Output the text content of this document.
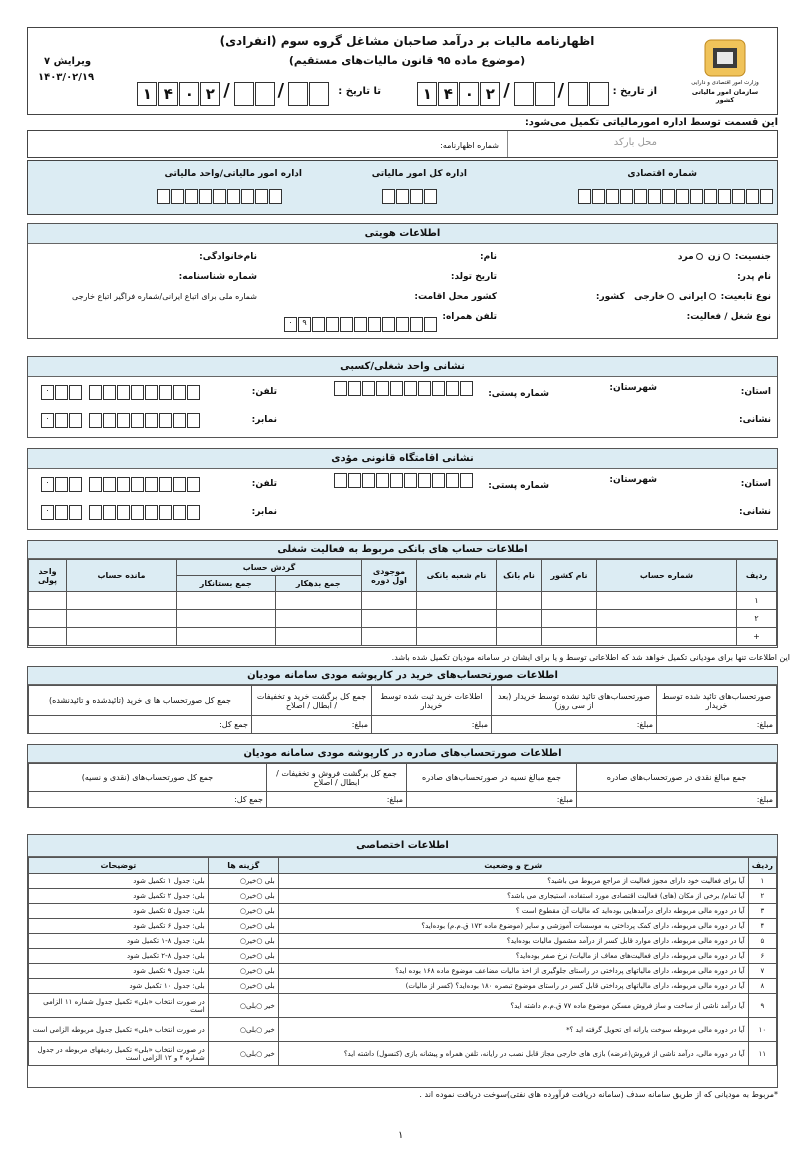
وزارت امور اقتصادی و دارایی
سازمان امور مالیاتی کشور
اظهارنامه مالیات بر درآمد صاحبان مشاغل گروه سوم (انفرادی)
(موضوع ماده ۹۵ قانون مالیات‌های مستقیم)
ویرایش ۷
۱۴۰۳/۰۲/۱۹
از تاریخ :
۱ ۴ ۰ ۲ /	/
تا تاریخ :
۱ ۴ ۰ ۲ /	/
این قسمت توسط اداره امورمالیاتی تکمیل می‌شود:
شماره اظهارنامه:	محل بارکد
شماره اقتصادی
اداره کل امور مالیاتی
اداره امور مالیاتی/واحد مالیاتی
اطلاعات هویتی
جنسیت: زن مرد
نام:
نام‌خانوادگی:
نام پدر:
تاریخ تولد:
شماره شناسنامه:
نوع تابعیت: ایرانی خارجی   کشور:
کشور محل اقامت:
شماره ملی برای اتباع ایرانی/شماره فراگیر اتباع خارجی
نوع شغل / فعالیت:
تلفن همراه:
۰ ۹
نشانی واحد شغلی/کسبی
استان:
شهرستان:
شماره پستی:
تلفن:
۰
نشانی:
نمابر:
۰
نشانی اقامتگاه قانونی مؤدی
استان:
شهرستان:
شماره پستی:
تلفن:
۰
نشانی:
نمابر:
۰
اطلاعات حساب های بانکی مربوط به فعالیت شغلی
ردیف	شماره حساب	نام کشور	نام بانک	نام شعبه بانکی	موجودی اول دوره	گردش حساب		مانده حساب	واحد پولی
						جمع بدهکار	جمع بستانکار		
۱									
۲									
+									
این اطلاعات تنها برای مودیانی تکمیل خواهد شد که اطلاعاتی توسط و یا برای ایشان در سامانه مودیان تکمیل شده باشد.
اطلاعات صورتحساب‌های خرید در کارپوشه مودی سامانه مودیان
صورتحساب‌های تائید شده توسط خریدار	صورتحساب‌های تائید نشده توسط خریدار (بعد از سی روز)	اطلاعات خرید ثبت شده توسط خریدار	جمع کل برگشت خرید و تخفیفات / ابطال / اصلاح	جمع کل صورتحساب ها ی خرید (تائیدشده و تائیدنشده)
مبلغ:	مبلغ:	مبلغ:	مبلغ:	جمع کل:
اطلاعات صورتحساب‌های صادره در کارپوشه مودی سامانه مودیان
جمع مبالغ نقدی در صورتحساب‌های صادره	جمع مبالغ نسیه در صورتحساب‌های صادره	جمع کل برگشت فروش و تخفیفات / ابطال / اصلاح	جمع کل صورتحساب‌های (نقدی و نسیه)
مبلغ:	مبلغ:	مبلغ:	جمع کل:
اطلاعات اختصاصی
ردیف	شرح و وضعیت	گزینه ها	توضیحات
۱	آیا برای فعالیت خود دارای مجوز فعالیت از مراجع مربوط می باشید؟	بلی ○خیر○	بلی: جدول ۱ تکمیل شود
۲	آیا تمام/ برخی از مکان (های) فعالیت اقتصادی مورد استفاده، استیجاری می باشد؟	بلی ○خیر○	بلی: جدول ۲ تکمیل شود
۳	آیا در دوره مالی مربوطه دارای درآمدهایی بوده‌اید که مالیات آن مقطوع است ؟	بلی ○خیر○	بلی: جدول ۵ تکمیل شود
۴	آیا در دوره مالی مربوطه، دارای کمک پرداختی به موسسات آموزشی و سایر (موضوع ماده ۱۷۲ ق.م.م) بوده‌اید؟	بلی ○خیر○	بلی: جدول ۶ تکمیل شود
۵	آیا در دوره مالی مربوطه، دارای موارد قابل کسر از درآمد مشمول مالیات بوده‌اید؟	بلی ○خیر○	بلی: جدول ۸-۱ تکمیل شود
۶	آیا در دوره مالی مربوطه، دارای فعالیت‌های معاف از مالیات/ نرخ صفر بوده‌اید؟	بلی ○خیر○	بلی: جدول ۸-۲ تکمیل شود
۷	آیا در دوره مالی مربوطه، دارای مالیاتهای پرداختی در راستای جلوگیری از اخذ مالیات مضاعف موضوع ماده ۱۶۸ بوده اید؟	بلی ○خیر○	بلی: جدول ۹ تکمیل شود
۸	آیا در دوره مالی مربوطه، دارای مالیاتهای پرداختی قابل کسر در راستای موضوع تبصره ۱۸۰ بوده‌اید؟ (کسر از مالیات)	بلی ○خیر○	بلی: جدول ۱۰ تکمیل شود
۹	آیا درآمد ناشی از ساخت و ساز فروش مسکن موضوع ماده ۷۷ ق.م.م داشته اید؟	خیر ○بلی○	در صورت انتخاب «بلی» تکمیل جدول شماره ۱۱ الزامی است
۱۰	آیا در دوره مالی مربوطه سوخت یارانه ای تحویل گرفته اید ؟*	خیر ○بلی○	در صورت انتخاب «بلی» تکمیل جدول مربوطه الزامی است
۱۱	آیا در دوره مالی، درآمد ناشی از فروش(عرضه) بازی های خارجی مجاز قابل نصب در رایانه، تلفن همراه و پیشانه بازی (کنسول) داشته اید؟	خیر ○بلی○	در صورت انتخاب «بلی» تکمیل ردیفهای مربوطه در جدول شماره ۴ و ۱۲ الزامی است
*مربوط به مودیانی که از طریق سامانه سدف (سامانه دریافت فرآورده های نفتی)سوخت دریافت نموده اند .
۱
